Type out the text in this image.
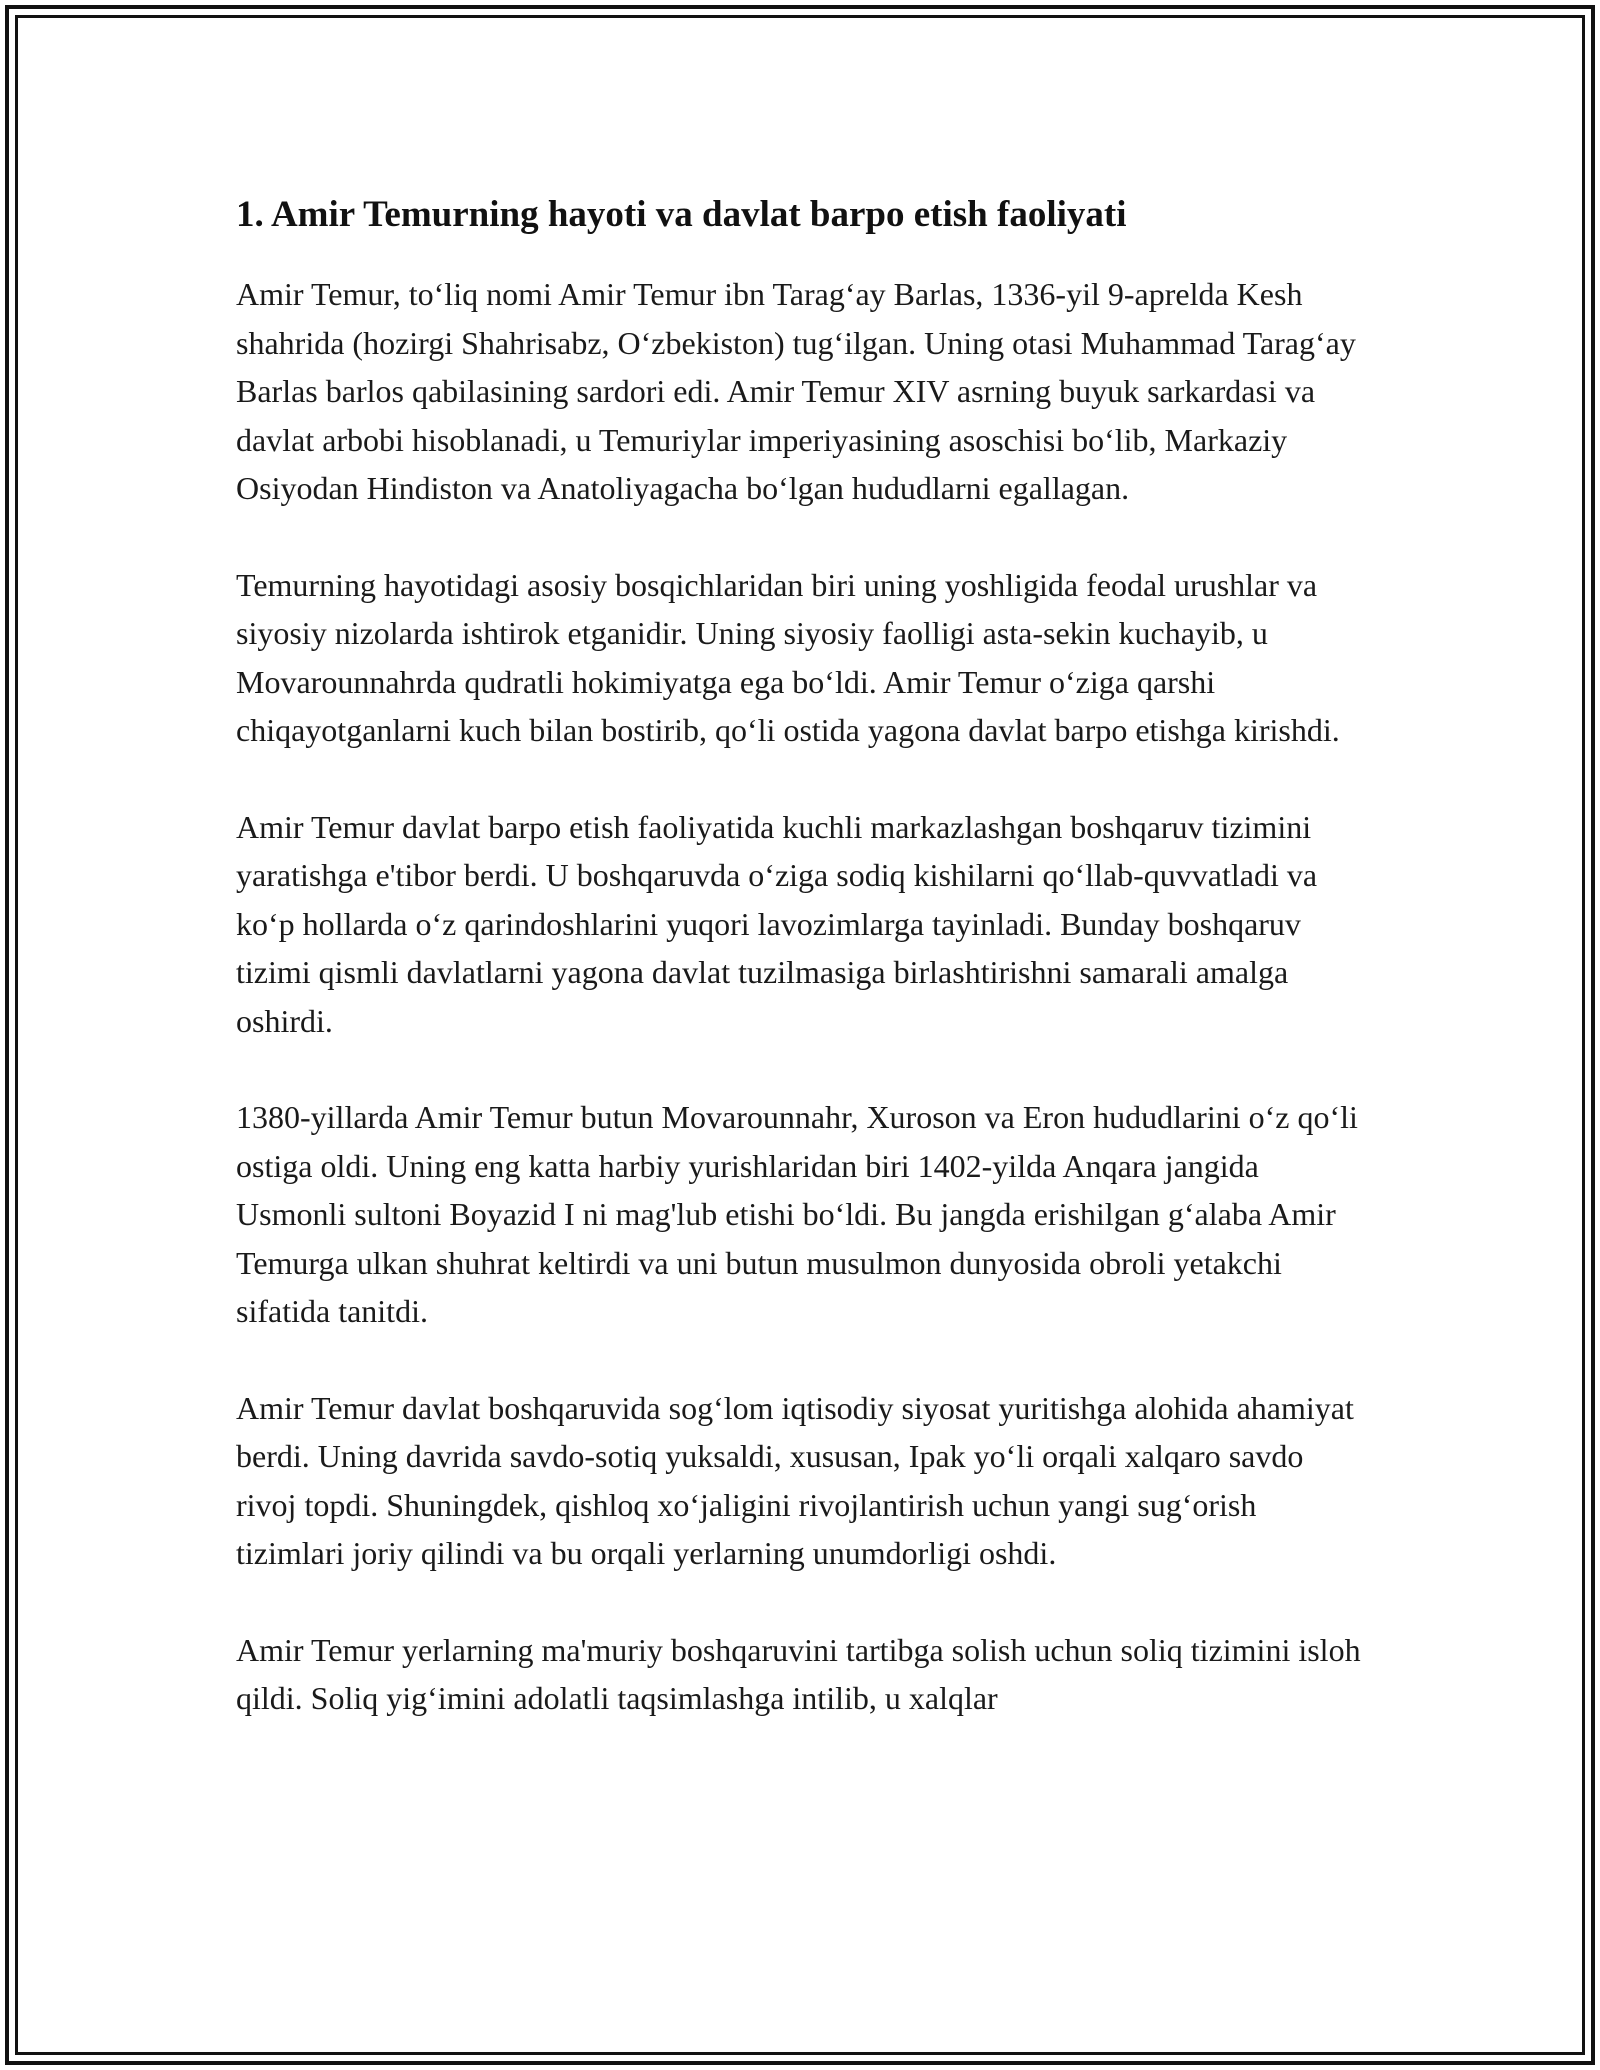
1. Amir Temurning hayoti va davlat barpo etish faoliyati

Amir Temur, to‘liq nomi Amir Temur ibn Tarag‘ay Barlas, 1336-yil 9-aprelda Kesh shahrida (hozirgi Shahrisabz, O‘zbekiston) tug‘ilgan. Uning otasi Muhammad Tarag‘ay Barlas barlos qabilasining sardori edi. Amir Temur XIV asrning buyuk sarkardasi va davlat arbobi hisoblanadi, u Temuriylar imperiyasining asoschisi bo‘lib, Markaziy Osiyodan Hindiston va Anatoliyagacha bo‘lgan hududlarni egallagan.

Temurning hayotidagi asosiy bosqichlaridan biri uning yoshligida feodal urushlar va siyosiy nizolarda ishtirok etganidir. Uning siyosiy faolligi asta-sekin kuchayib, u Movarounnahrda qudratli hokimiyatga ega bo‘ldi. Amir Temur o‘ziga qarshi chiqayotganlarni kuch bilan bostirib, qo‘li ostida yagona davlat barpo etishga kirishdi.

Amir Temur davlat barpo etish faoliyatida kuchli markazlashgan boshqaruv tizimini yaratishga e'tibor berdi. U boshqaruvda o‘ziga sodiq kishilarni qo‘llab-quvvatladi va ko‘p hollarda o‘z qarindoshlarini yuqori lavozimlarga tayinladi. Bunday boshqaruv tizimi qismli davlatlarni yagona davlat tuzilmasiga birlashtirishni samarali amalga oshirdi.

1380-yillarda Amir Temur butun Movarounnahr, Xuroson va Eron hududlarini o‘z qo‘li ostiga oldi. Uning eng katta harbiy yurishlaridan biri 1402-yilda Anqara jangida Usmonli sultoni Boyazid I ni mag'lub etishi bo‘ldi. Bu jangda erishilgan g‘alaba Amir Temurga ulkan shuhrat keltirdi va uni butun musulmon dunyosida obroli yetakchi sifatida tanitdi.

Amir Temur davlat boshqaruvida sog‘lom iqtisodiy siyosat yuritishga alohida ahamiyat berdi. Uning davrida savdo-sotiq yuksaldi, xususan, Ipak yo‘li orqali xalqaro savdo rivoj topdi. Shuningdek, qishloq xo‘jaligini rivojlantirish uchun yangi sug‘orish tizimlari joriy qilindi va bu orqali yerlarning unumdorligi oshdi.

Amir Temur yerlarning ma'muriy boshqaruvini tartibga solish uchun soliq tizimini isloh qildi. Soliq yig‘imini adolatli taqsimlashga intilib, u xalqlar
